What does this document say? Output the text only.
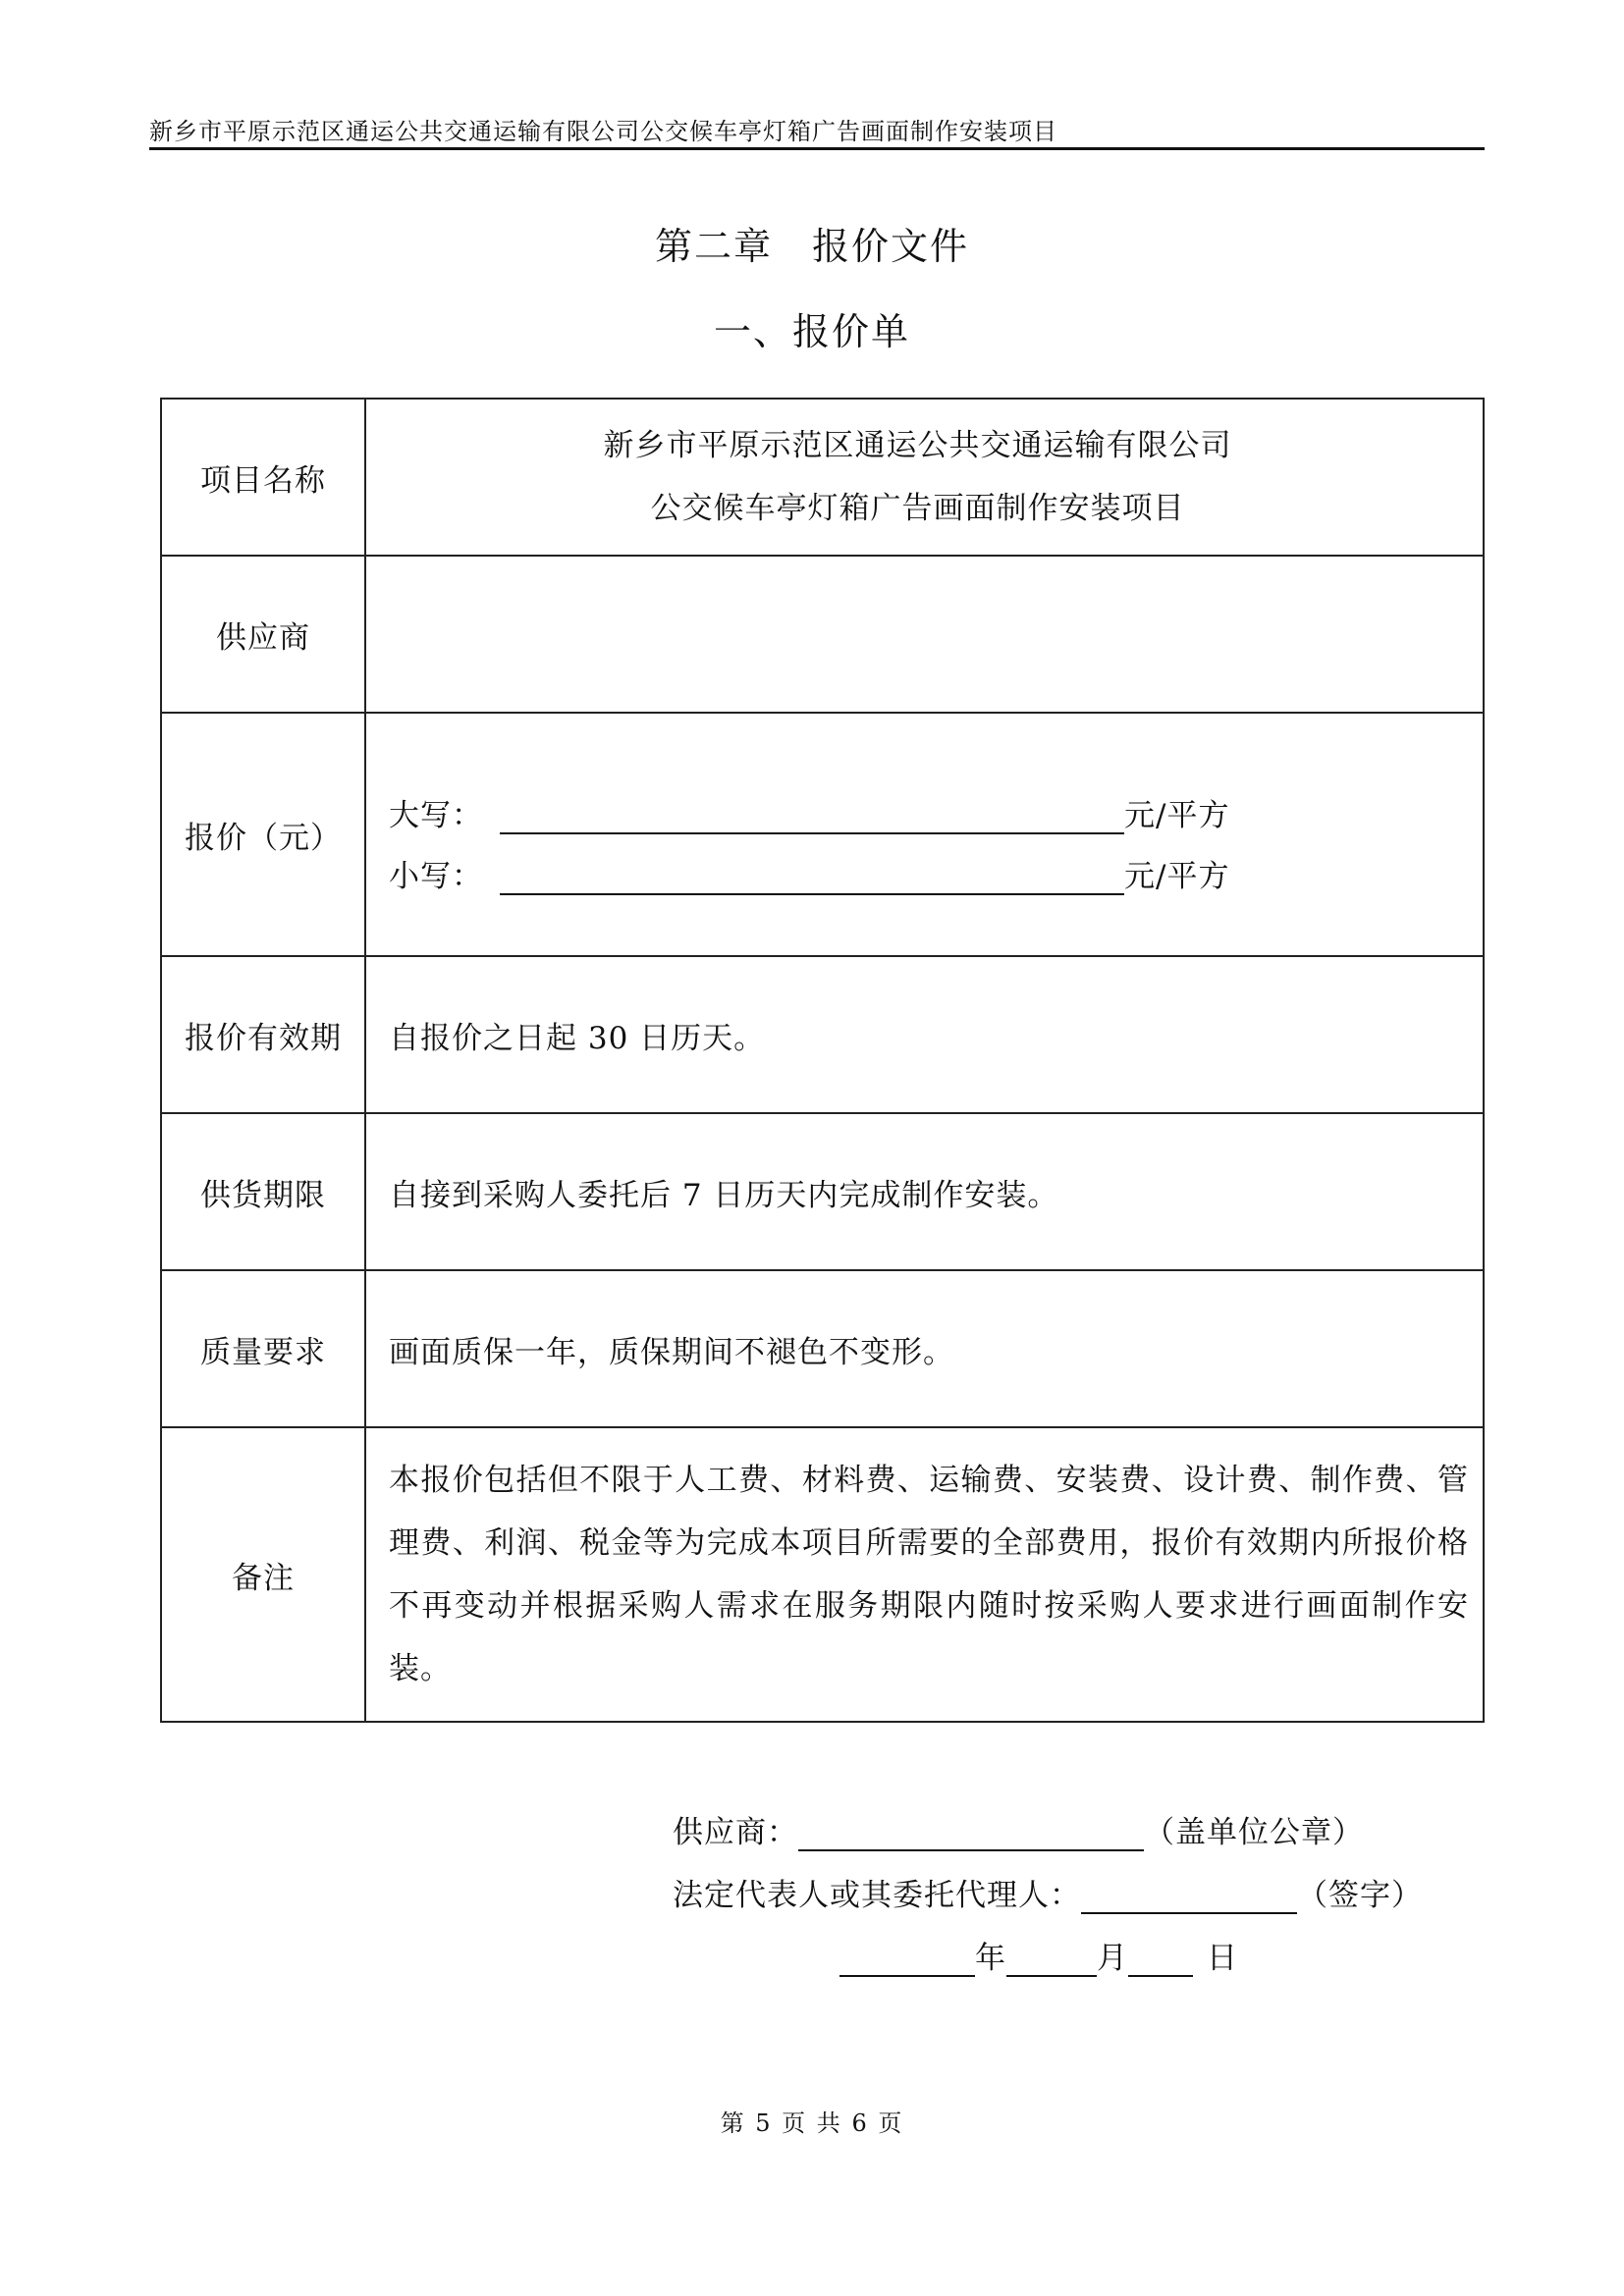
新乡市平原示范区通运公共交通运输有限公司公交候车亭灯箱广告画面制作安装项目
第二章 报价文件
一、报价单
项目名称	新乡市平原示范区通运公共交通运输有限公司
公交候车亭灯箱广告画面制作安装项目

供应商	
报价（元）	大写： 元/平方
小写： 元/平方

报价有效期	自报价之日起 30 日历天。
供货期限	自接到采购人委托后 7 日历天内完成制作安装。
质量要求	画面质保一年，质保期间不褪色不变形。
备注	本报价包括但不限于人工费、材料费、运输费、安装费、设计费、制作费、管理费、利润、税金等为完成本项目所需要的全部费用，报价有效期内所报价格不再变动并根据采购人需求在服务期限内随时按采购人要求进行画面制作安装。
供应商：	（盖单位公章）
法定代表人或其委托代理人：	（签字）
年	月	日
第 5 页 共 6 页
